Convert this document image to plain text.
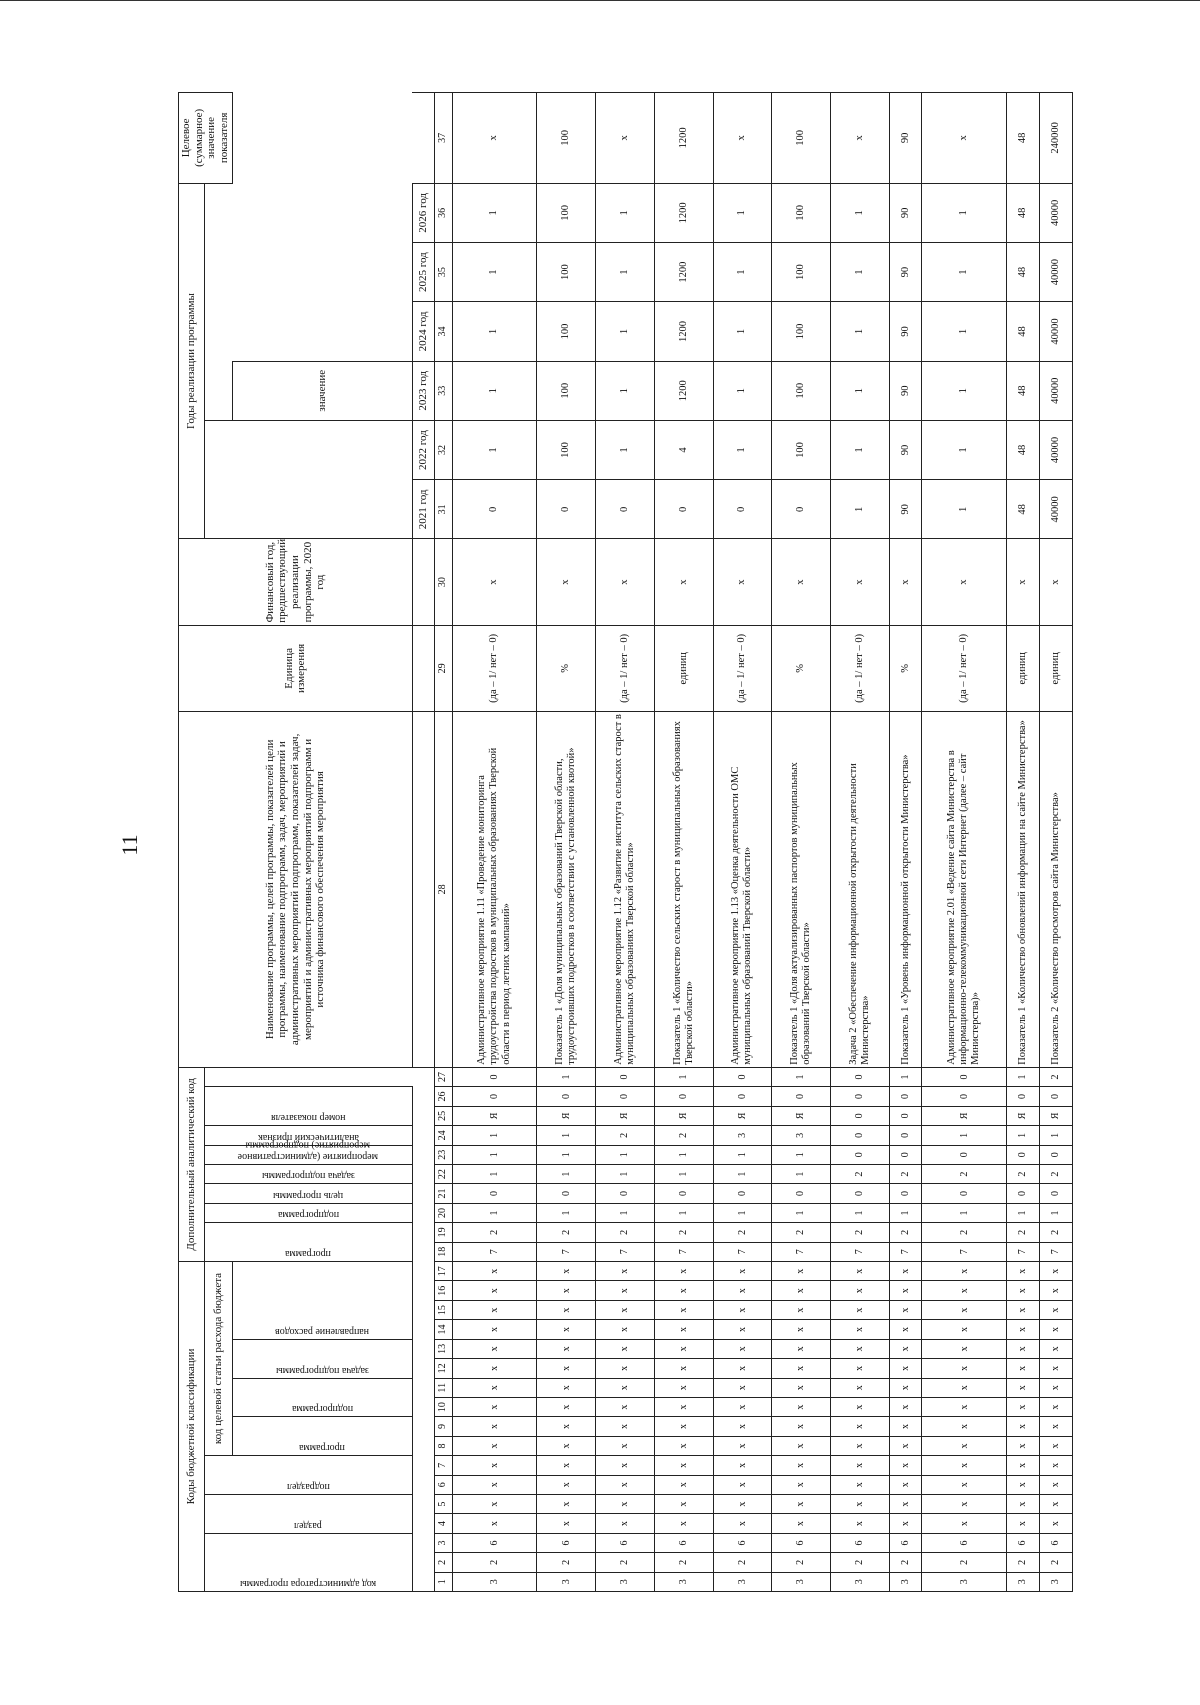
11
Коды бюджетной классификации																	Дополнительный аналитический код										Наименование программы, целей программы, показателей цели программы, наименование подпрограмм, задач, мероприятий и административных мероприятий подпрограмм, показателей задач, мероприятий и административных мероприятий подпрограмм и источника финансового обеспечения мероприятия	Единица измерения	Финансовый год, предшествующий реализации программы, 2020 год	Годы реализации программы						Целевое (суммарное) значение показателя

код администратора программы			раздел		подраздел		код целевой статьи расхода бюджета										программа		подпрограмма	цель программы	задача подпрограммы	мероприятие (административное мероприятие) подпрограммы	аналитический признак	номер показателя												

							программа		подпрограмма		задача подпрограммы		направление расходов																			значение				
																														2021 год	2022 год	2023 год	2024 год	2025 год	2026 год	
1	2	3	4	5	6	7	8	9	10	11	12	13	14	15	16	17	18	19	20	21	22	23	24	25	26	27	28	29	30	31	32	33	34	35	36	37
3	2	6	x	x	x	x	x	x	x	x	x	x	x	x	x	x	7	2	1	0	1	1	1	Я	0	0	Административное мероприятие 1.11 «Проведение мониторинга трудоустройства подростков в муниципальных образованиях Тверской области в период летних кампаний»	(да – 1/ нет – 0)	x	0	1	1	1	1	1	x
3	2	6	x	x	x	x	x	x	x	x	x	x	x	x	x	x	7	2	1	0	1	1	1	Я	0	1	Показатель 1 «Доля муниципальных образований Тверской области, трудоустроивших подростков в соответствии с установленной квотой»	%	x	0	100	100	100	100	100	100
3	2	6	x	x	x	x	x	x	x	x	x	x	x	x	x	x	7	2	1	0	1	1	2	Я	0	0	Административное мероприятие 1.12 «Развитие института сельских старост в муниципальных образованиях Тверской области»	(да – 1/ нет – 0)	x	0	1	1	1	1	1	x
3	2	6	x	x	x	x	x	x	x	x	x	x	x	x	x	x	7	2	1	0	1	1	2	Я	0	1	Показатель 1 «Количество сельских старост в муниципальных образованиях Тверской области»	единиц	x	0	4	1200	1200	1200	1200	1200
3	2	6	x	x	x	x	x	x	x	x	x	x	x	x	x	x	7	2	1	0	1	1	3	Я	0	0	Административное мероприятие 1.13 «Оценка деятельности ОМС муниципальных образований Тверской области»	(да – 1/ нет – 0)	x	0	1	1	1	1	1	x
3	2	6	x	x	x	x	x	x	x	x	x	x	x	x	x	x	7	2	1	0	1	1	3	Я	0	1	Показатель 1 «Доля актуализированных паспортов муниципальных образований Тверской области»	%	x	0	100	100	100	100	100	100
3	2	6	x	x	x	x	x	x	x	x	x	x	x	x	x	x	7	2	1	0	2	0	0	0	0	0	Задача 2 «Обеспечение информационной открытости деятельности Министерства»	(да – 1/ нет – 0)	x	1	1	1	1	1	1	x
3	2	6	x	x	x	x	x	x	x	x	x	x	x	x	x	x	7	2	1	0	2	0	0	0	0	1	Показатель 1 «Уровень информационной открытости Министерства»	%	x	90	90	90	90	90	90	90
3	2	6	x	x	x	x	x	x	x	x	x	x	x	x	x	x	7	2	1	0	2	0	1	Я	0	0	Административное мероприятие 2.01 «Ведение сайта Министерства в информационно-телекоммуникационной сети Интернет (далее – сайт Министерства)»	(да – 1/ нет – 0)	x	1	1	1	1	1	1	x
3	2	6	x	x	x	x	x	x	x	x	x	x	x	x	x	x	7	2	1	0	2	0	1	Я	0	1	Показатель 1 «Количество обновлений информации на сайте Министерства»	единиц	x	48	48	48	48	48	48	48
3	2	6	x	x	x	x	x	x	x	x	x	x	x	x	x	x	7	2	1	0	2	0	1	Я	0	2	Показатель 2 «Количество просмотров сайта Министерства»	единиц	x	40000	40000	40000	40000	40000	40000	240000
